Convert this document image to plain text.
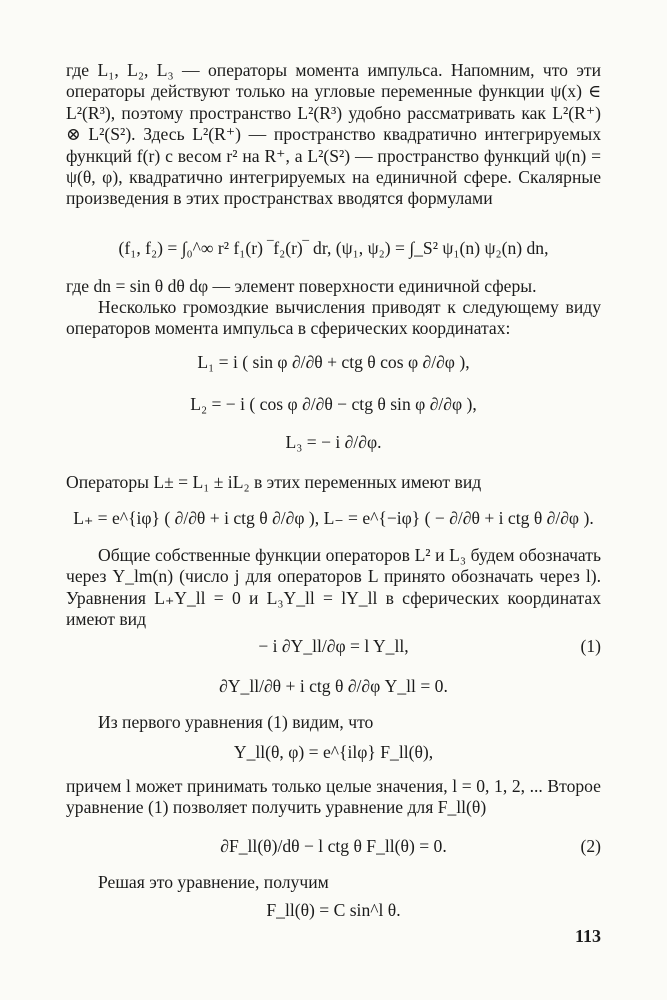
где L₁, L₂, L₃ — операторы момента импульса. Напомним, что эти операторы действуют только на угловые переменные функции ψ(x) ∈ L²(R³), поэтому пространство L²(R³) удобно рассматривать как L²(R⁺) ⊗ L²(S²). Здесь L²(R⁺) — пространство квадратично интегрируемых функций f(r) с весом r² на R⁺, а L²(S²) — пространство функций ψ(n) = ψ(θ, φ), квадратично интегрируемых на единичной сфере. Скалярные произведения в этих пространствах вводятся формулами
(f₁, f₂) = ∫₀^∞ r² f₁(r) ‾f₂(r)‾ dr, (ψ₁, ψ₂) = ∫_S² ψ₁(n) ψ₂(n) dn,
где dn = sin θ dθ dφ — элемент поверхности единичной сферы.
Несколько громоздкие вычисления приводят к следующему виду операторов момента импульса в сферических координатах:
L₁ = i ( sin φ ∂/∂θ + ctg θ cos φ ∂/∂φ ),
L₂ = − i ( cos φ ∂/∂θ − ctg θ sin φ ∂/∂φ ),
L₃ = − i ∂/∂φ.
Операторы L± = L₁ ± iL₂ в этих переменных имеют вид
L₊ = e^{iφ} ( ∂/∂θ + i ctg θ ∂/∂φ ), L₋ = e^{−iφ} ( − ∂/∂θ + i ctg θ ∂/∂φ ).
Общие собственные функции операторов L² и L₃ будем обозначать через Y_lm(n) (число j для операторов L принято обозначать через l). Уравнения L₊Y_ll = 0 и L₃Y_ll = lY_ll в сферических координатах имеют вид
− i ∂Y_ll/∂φ = l Y_ll,	(1)
∂Y_ll/∂θ + i ctg θ ∂/∂φ Y_ll = 0.
Из первого уравнения (1) видим, что
Y_ll(θ, φ) = e^{ilφ} F_ll(θ),
причем l может принимать только целые значения, l = 0, 1, 2, ... Второе уравнение (1) позволяет получить уравнение для F_ll(θ)
∂F_ll(θ)/dθ − l ctg θ F_ll(θ) = 0.	(2)
Решая это уравнение, получим
F_ll(θ) = C sin^l θ.
113
